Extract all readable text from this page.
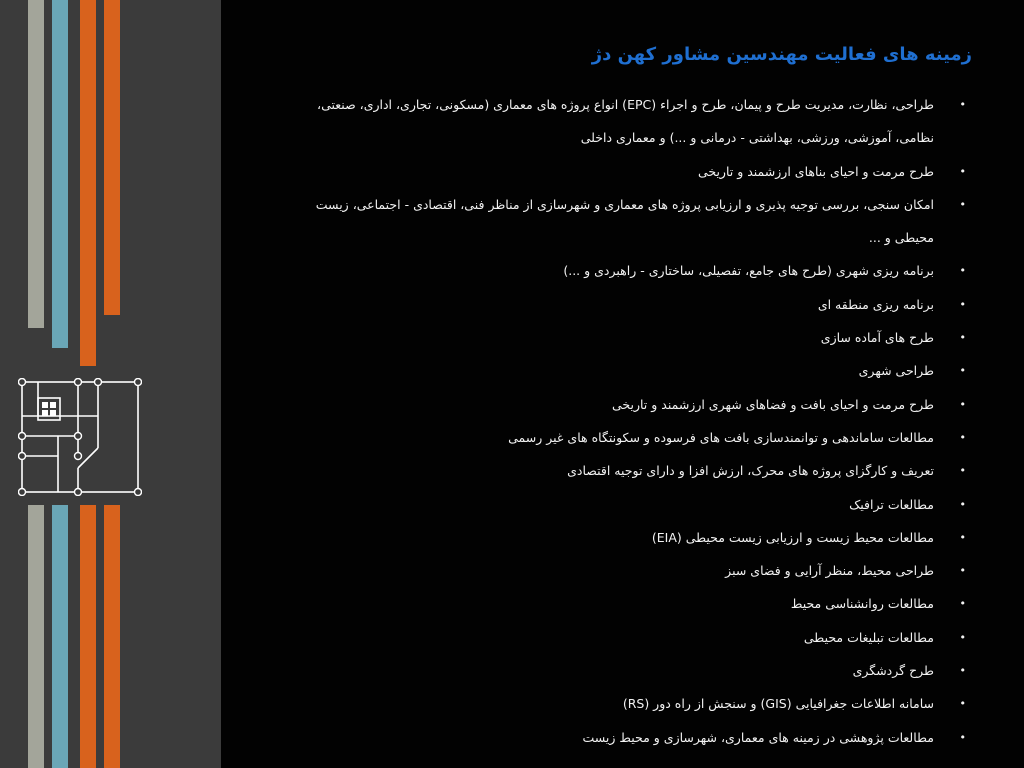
زمینه های فعالیت مهندسین مشاور کهن دژ
•
طراحی، نظارت، مدیریت طرح و پیمان، طرح و اجراء (EPC) انواع پروژه های معماری (مسکونی، تجاری، اداری، صنعتی، نظامی، آموزشی، ورزشی، بهداشتی - درمانی و ...) و معماری داخلی
•
طرح مرمت و احیای بناهای ارزشمند و تاریخی
•
امکان سنجی، بررسی توجیه پذیری و ارزیابی پروژه های معماری و شهرسازی از مناظر فنی، اقتصادی - اجتماعی، زیست محیطی و ...
•
برنامه ریزی شهری (طرح های جامع، تفصیلی، ساختاری - راهبردی و ...)
•
برنامه ریزی منطقه ای
•
طرح های آماده سازی
•
طراحی شهری
•
طرح مرمت و احیای بافت و فضاهای شهری ارزشمند و تاریخی
•
مطالعات ساماندهی و توانمندسازی بافت های فرسوده و سکونتگاه های غیر رسمی
•
تعریف و کارگزای پروژه های محرک، ارزش افزا و دارای توجیه اقتصادی
•
مطالعات ترافیک
•
مطالعات محیط زیست و ارزیابی زیست محیطی (EIA)
•
طراحی محیط، منظر آرایی و فضای سبز
•
مطالعات روانشناسی محیط
•
مطالعات تبلیغات محیطی
•
طرح گردشگری
•
سامانه اطلاعات جغرافیایی (GIS) و سنجش از راه دور (RS)
•
مطالعات پژوهشی در زمینه های معماری، شهرسازی و محیط زیست
